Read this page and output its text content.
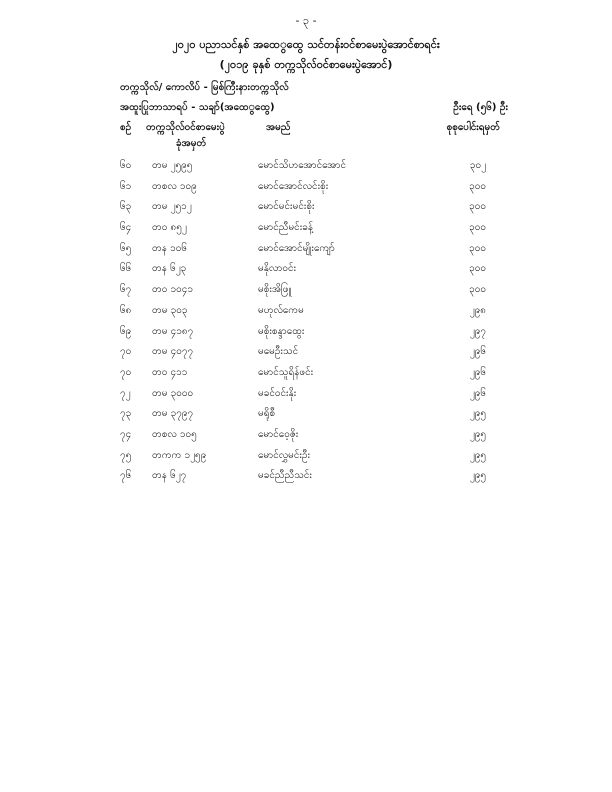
- ၃ -
၂၀၂၀ ပညာသင်နှစ် အထေွထွေ သင်တန်းဝင်စာမေးပွဲအောင်စာရင်း
(၂၀၁၉ ခုနှစ် တက္ကသိုလ်ဝင်စာမေးပွဲအောင်)
တက္ကသိုလ်/ ကောလိပ် - မြစ်ကြီးနားတက္ကသိုလ်
အထူးပြုဘာသာရပ် - သချာ်(အထေွထွေ)	ဦးရေ (၅၆) ဦး
စဉ် တက္ကသိုလ်ဝင်စာမေးပွဲ
ခုံအမှတ်
အမည်	စုစုပေါင်းရမှတ်
၆၀ တမ ၂၅၉၅	မောင်သိဟအောင်အောင်	၃၀၂
၆၁ တစလ ၁၀၉	မောင်အောင်လင်းစိုး	၃၀၀
၆၃ တမ ၂၅၁၂	မောင်မင်းမင်းစိုး	၃၀၀
၆၄ တဝ ၈၅၂	မောင်ညီမင်းခန့်	၃၀၀
၆၅ တန ၁၀၆	မောင်အောင်မျိုးကျော်	၃၀၀
၆၆ တန ၆၂၃	မနိုလာဝင်း	၃၀၀
၆၇ တဝ ၁၀၄၁	မစိုးအိဖြူ	၃၀၀
၆၈ တမ ၃၀၃	မဟုလ်ကေမ	၂၉၈
၆၉ တမ ၄၁၈၇	မစိုးစန္ဒာထွေး	၂၉၇
၇၀ တမ ၄၀၇၇	မမေဦးသင်	၂၉၆
၇၀ တဝ ၄၁၁	မောင်သူရိန်ဖင်း	၂၉၆
၇၂ တမ ၃၀၀၀	မခင်ဝင်းနိုး	၂၉၆
၇၃ တမ ၃၇၉၇	မရိုစီ	၂၉၅
၇၄ တစလ ၁၀၅	မောင်ဝေ့ဇိုး	၂၉၅
၇၅ တကက ၁၂၅၉	မောင်လွှမင်းဦး	၂၉၅
၇၆ တန ၆၂၇	မခင်ညီညီသင်း	၂၉၅
